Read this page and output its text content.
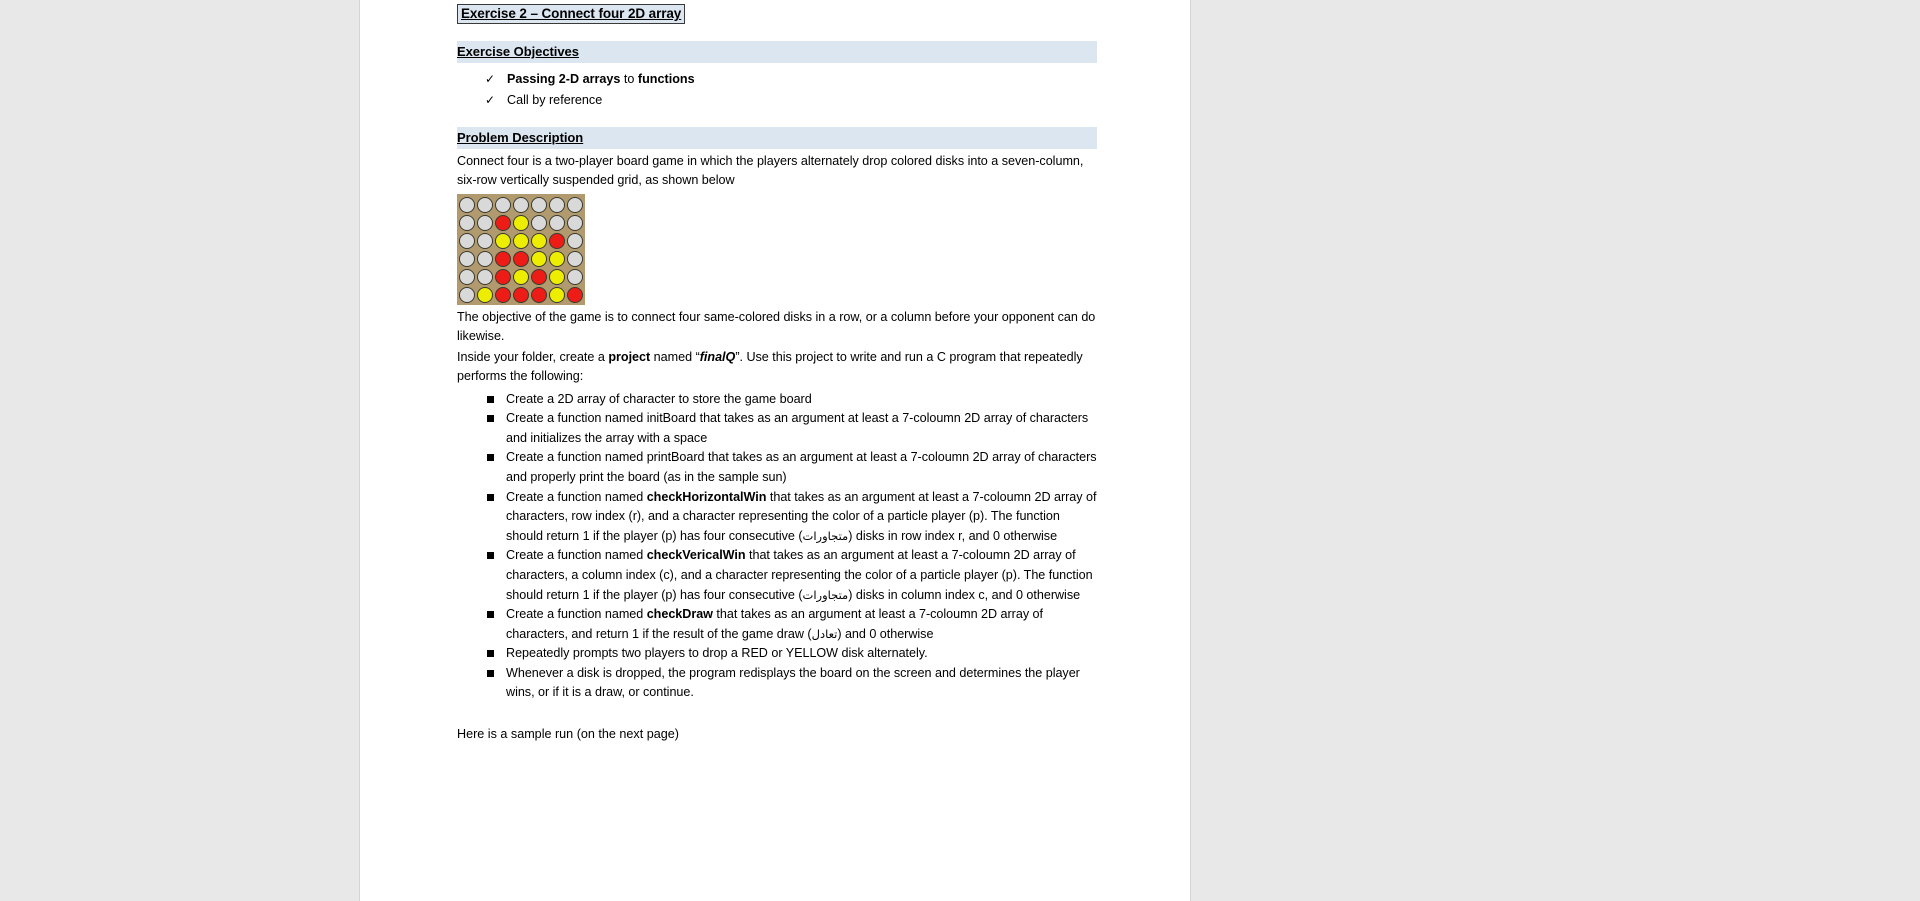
Exercise 2 – Connect four 2D array
Exercise Objectives
✓ Passing 2-D arrays to functions
✓ Call by reference
Problem Description

Connect four is a two-player board game in which the players alternately drop colored disks into a seven-column, six-row vertically suspended grid, as shown below

The objective of the game is to connect four same-colored disks in a row, or a column before your opponent can do likewise.

Inside your folder, create a project named “finalQ”. Use this project to write and run a C program that repeatedly performs the following:

Create a 2D array of character to store the game board
Create a function named initBoard that takes as an argument at least a 7-coloumn 2D array of characters and initializes the array with a space
Create a function named printBoard that takes as an argument at least a 7-coloumn 2D array of characters and properly print the board (as in the sample sun)
Create a function named checkHorizontalWin that takes as an argument at least a 7-coloumn 2D array of characters, row index (r), and a character representing the color of a particle player (p). The function should return 1 if the player (p) has four consecutive (متجاورات) disks in row index r, and 0 otherwise
Create a function named checkVericalWin that takes as an argument at least a 7-coloumn 2D array of characters, a column index (c), and a character representing the color of a particle player (p). The function should return 1 if the player (p) has four consecutive (متجاورات) disks in column index c, and 0 otherwise
Create a function named checkDraw that takes as an argument at least a 7-coloumn 2D array of characters, and return 1 if the result of the game draw (تعادل) and 0 otherwise
Repeatedly prompts two players to drop a RED or YELLOW disk alternately.
Whenever a disk is dropped, the program redisplays the board on the screen and determines the player wins, or if it is a draw, or continue.

Here is a sample run (on the next page)
